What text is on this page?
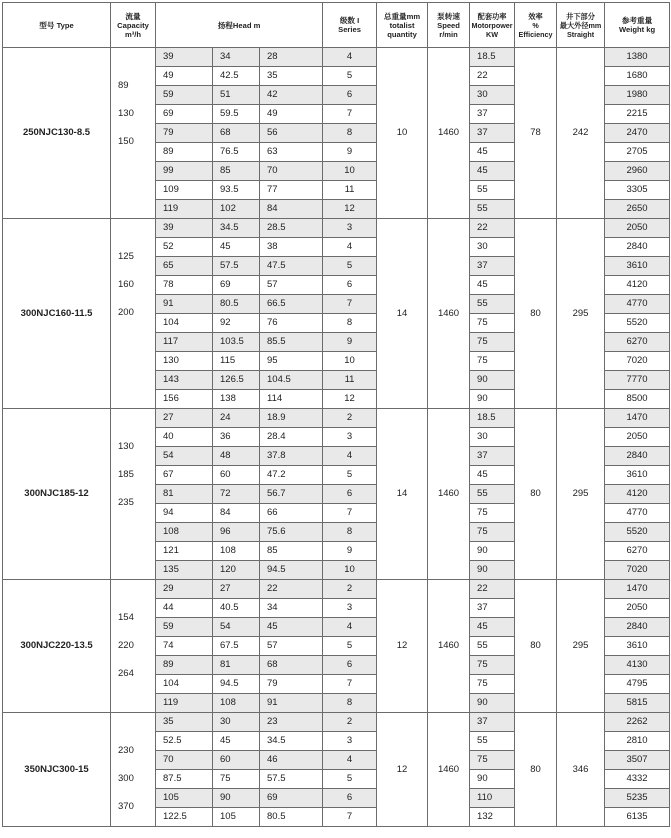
型号 Type	流量
Capacity
m³/h	扬程Head m			级数 I
Series	总重量mm
totalist
quantity	泵转速
Speed
r/min	配套功率
Motorpower
KW	效率
%
Efficiency	井下部分
最大外径mm
Straight	参考重量
Weight kg

250NJC130-8.5	89
130
150	39	34	28	4	10	1460	18.5	78	242	1380
		49	42.5	35	5			22			1680
		59	51	42	6			30			1980
		69	59.5	49	7			37			2215
		79	68	56	8			37			2470
		89	76.5	63	9			45			2705
		99	85	70	10			45			2960
		109	93.5	77	11			55			3305
		119	102	84	12			55			2650
300NJC160-11.5	125
160
200	39	34.5	28.5	3	14	1460	22	80	295	2050
		52	45	38	4			30			2840
		65	57.5	47.5	5			37			3610
		78	69	57	6			45			4120
		91	80.5	66.5	7			55			4770
		104	92	76	8			75			5520
		117	103.5	85.5	9			75			6270
		130	115	95	10			75			7020
		143	126.5	104.5	11			90			7770
		156	138	114	12			90			8500
300NJC185-12	130
185
235	27	24	18.9	2	14	1460	18.5	80	295	1470
		40	36	28.4	3			30			2050
		54	48	37.8	4			37			2840
		67	60	47.2	5			45			3610
		81	72	56.7	6			55			4120
		94	84	66	7			75			4770
		108	96	75.6	8			75			5520
		121	108	85	9			90			6270
		135	120	94.5	10			90			7020
300NJC220-13.5	154
220
264	29	27	22	2	12	1460	22	80	295	1470
		44	40.5	34	3			37			2050
		59	54	45	4			45			2840
		74	67.5	57	5			55			3610
		89	81	68	6			75			4130
		104	94.5	79	7			75			4795
		119	108	91	8			90			5815
350NJC300-15	230
300
370	35	30	23	2	12	1460	37	80	346	2262
		52.5	45	34.5	3			55			2810
		70	60	46	4			75			3507
		87.5	75	57.5	5			90			4332
		105	90	69	6			110			5235
		122.5	105	80.5	7			132			6135
